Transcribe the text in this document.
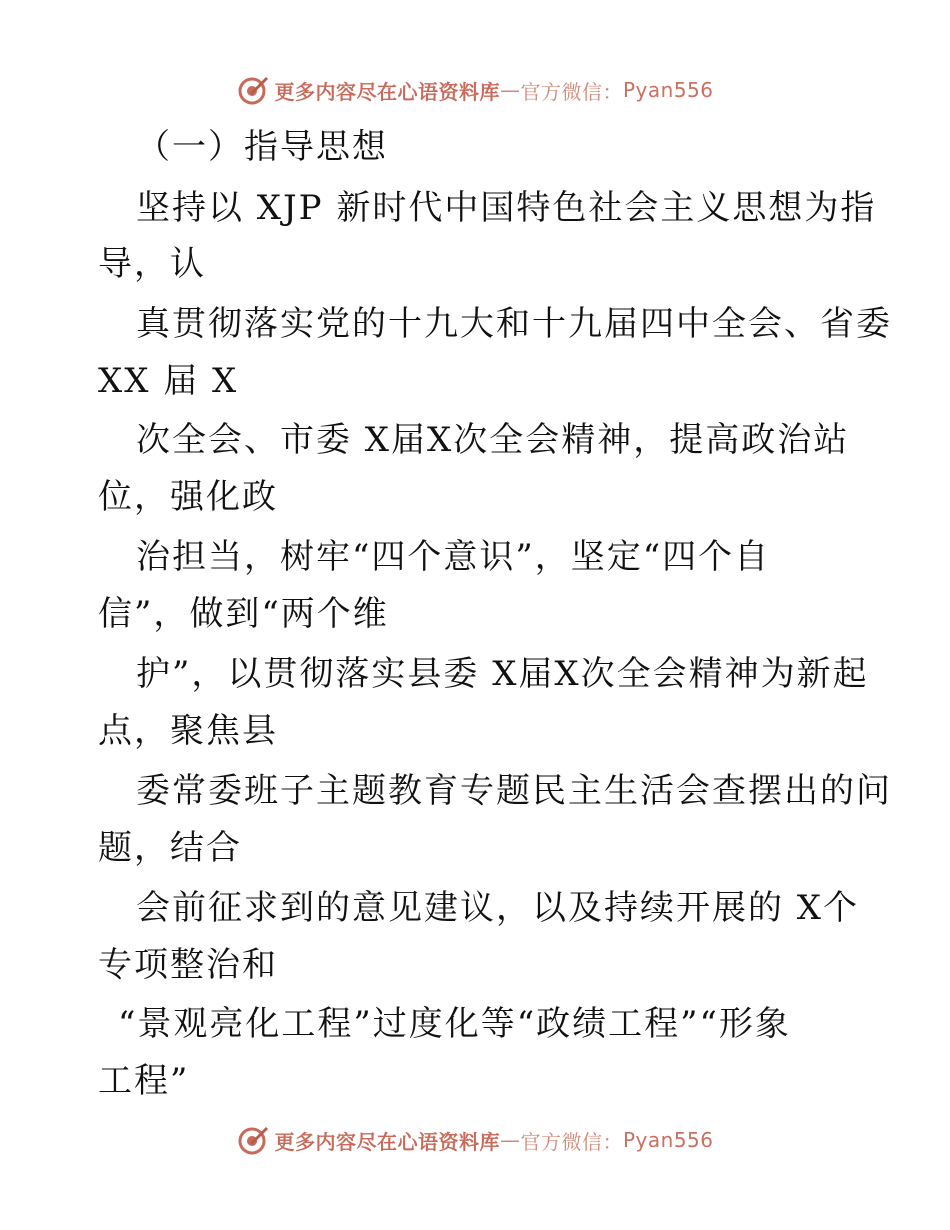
更多内容尽在心语资料库 — 官方微信： Pyan556
（一）指导思想
坚持以 XJP 新时代中国特色社会主义思想为指
导，认
真贯彻落实党的十九大和十九届四中全会、省委
XX 届 X
次全会、市委 X届X次全会精神，提高政治站
位，强化政
治担当，树牢“四个意识”，坚定“四个自
信”，做到“两个维
护”，以贯彻落实县委 X届X次全会精神为新起
点，聚焦县
委常委班子主题教育专题民主生活会查摆出的问
题，结合
会前征求到的意见建议，以及持续开展的 X个
专项整治和
“景观亮化工程”过度化等“政绩工程”“形象
工程”
更多内容尽在心语资料库 — 官方微信： Pyan556
